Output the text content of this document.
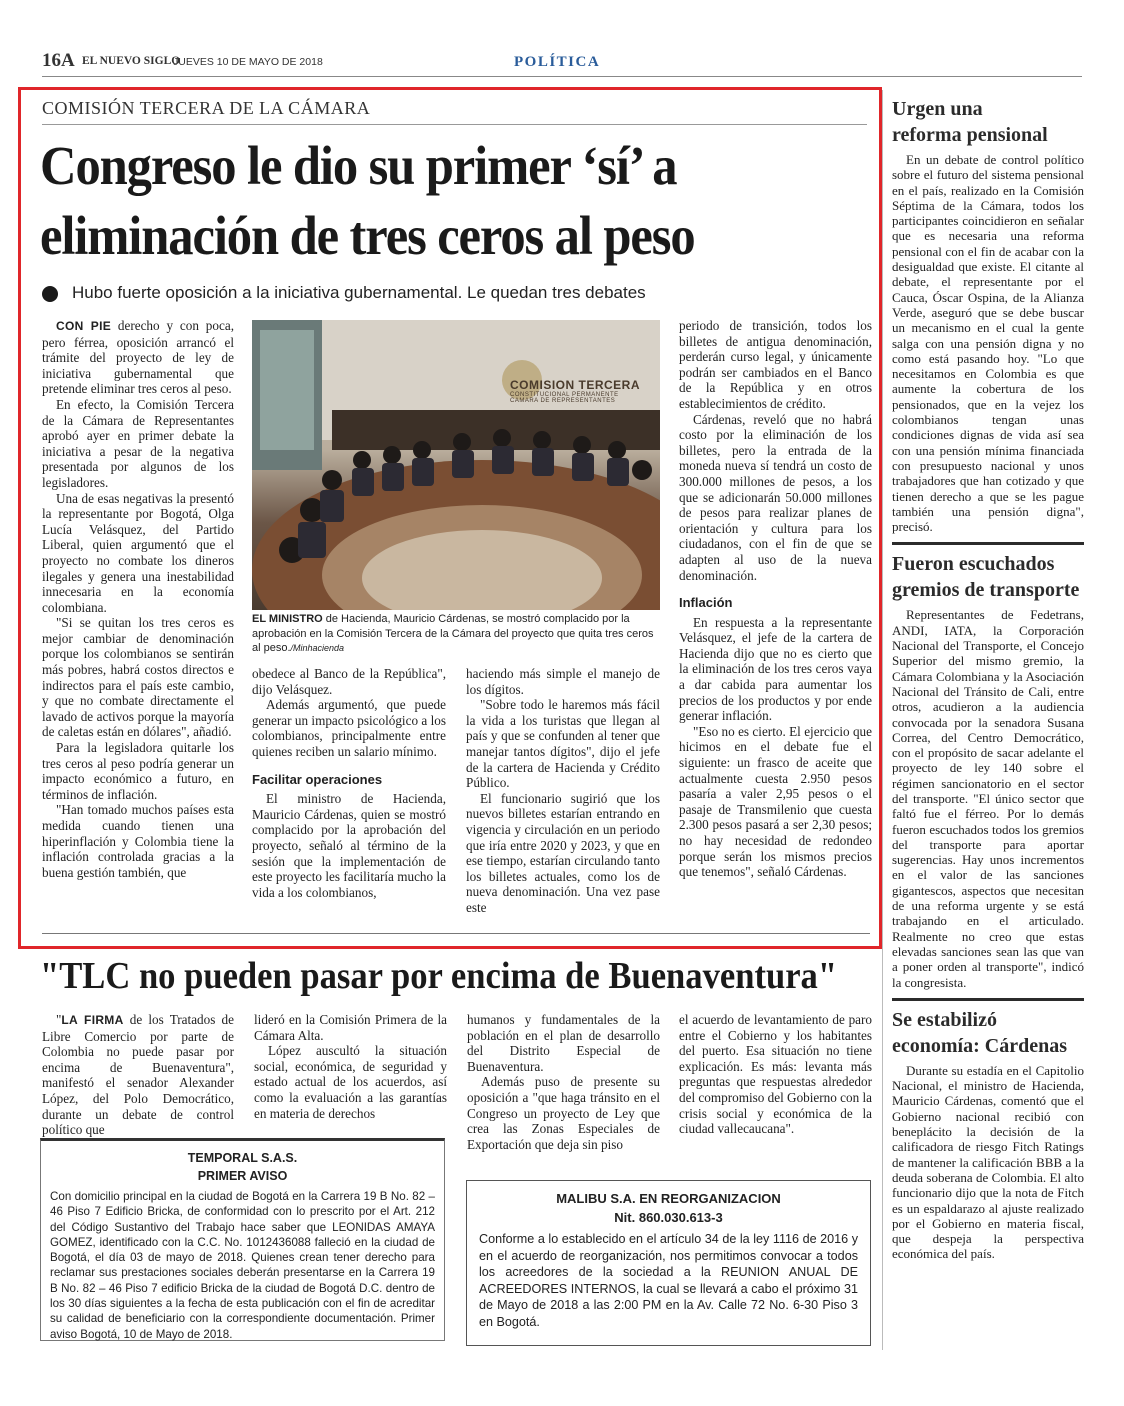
16A EL NUEVO SIGLO
JUEVES 10 DE MAYO DE 2018	POLÍTICA
COMISIÓN TERCERA DE LA CÁMARA
Congreso le dio su primer ‘sí’ a
eliminación de tres ceros al peso
Hubo fuerte oposición a la iniciativa gubernamental. Le quedan tres debates

CON PIE derecho y con poca, pero férrea, oposición arrancó el trámite del proyecto de ley de iniciativa gubernamental que pretende eliminar tres ceros al peso.

En efecto, la Comisión Tercera de la Cámara de Representantes aprobó ayer en primer debate la iniciativa a pesar de la negativa presentada por algunos de los legisladores.

Una de esas negativas la presentó la representante por Bogotá, Olga Lucía Velásquez, del Partido Liberal, quien argumentó que el proyecto no combate los dineros ilegales y genera una inestabilidad innecesaria en la economía colombiana.

"Si se quitan los tres ceros es mejor cambiar de denominación porque los colombianos se sentirán más pobres, habrá costos directos e indirectos para el país este cambio, y que no combate directamente el lavado de activos porque la mayoría de caletas están en dólares", añadió.

Para la legisladora quitarle los tres ceros al peso podría generar un impacto económico a futuro, en términos de inflación.

"Han tomado muchos países esta medida cuando tienen una hiperinflación y Colombia tiene la inflación controlada gracias a la buena gestión también, que

COMISION TERCERA
CONSTITUCIONAL PERMANENTE
CAMARA DE REPRESENTANTES
EL MINISTRO de Hacienda, Mauricio Cárdenas, se mostró complacido por la aprobación en la Comisión Tercera de la Cámara del proyecto que quita tres ceros al peso./Minhacienda

obedece al Banco de la República", dijo Velásquez.

Además argumentó, que puede generar un impacto psicológico a los colombianos, principalmente entre quienes reciben un salario mínimo.

Facilitar operaciones

El ministro de Hacienda, Mauricio Cárdenas, quien se mostró complacido por la aprobación del proyecto, señaló al término de la sesión que la implementación de este proyecto les facilitaría mucho la vida a los colombianos,

haciendo más simple el manejo de los dígitos.

"Sobre todo le haremos más fácil la vida a los turistas que llegan al país y que se confunden al tener que manejar tantos dígitos", dijo el jefe de la cartera de Hacienda y Crédito Público.

El funcionario sugirió que los nuevos billetes estarían entrando en vigencia y circulación en un periodo que iría entre 2020 y 2023, y que en ese tiempo, estarían circulando tanto los billetes actuales, como los de nueva denominación. Una vez pase este

periodo de transición, todos los billetes de antigua denominación, perderán curso legal, y únicamente podrán ser cambiados en el Banco de la República y en otros establecimientos de crédito.

Cárdenas, reveló que no habrá costo por la eliminación de los billetes, pero la entrada de la moneda nueva sí tendrá un costo de 300.000 millones de pesos, a los que se adicionarán 50.000 millones de pesos para realizar planes de orientación y cultura para los ciudadanos, con el fin de que se adapten al uso de la nueva denominación.

Inflación

En respuesta a la representante Velásquez, el jefe de la cartera de Hacienda dijo que no es cierto que la eliminación de los tres ceros vaya a dar cabida para aumentar los precios de los productos y por ende generar inflación.

"Eso no es cierto. El ejercicio que hicimos en el debate fue el siguiente: un frasco de aceite que actualmente cuesta 2.950 pesos pasaría a valer 2,95 pesos o el pasaje de Transmilenio que cuesta 2.300 pesos pasará a ser 2,30 pesos; no hay necesidad de redondeo porque serán los mismos precios que tenemos", señaló Cárdenas.

"TLC no pueden pasar por encima de Buenaventura"

"LA FIRMA de los Tratados de Libre Comercio por parte de Colombia no puede pasar por encima de Buenaventura", manifestó el senador Alexander López, del Polo Democrático, durante un debate de control político que

lideró en la Comisión Primera de la Cámara Alta.

López auscultó la situación social, económica, de seguridad y estado actual de los acuerdos, así como la evaluación a las garantías en materia de derechos

humanos y fundamentales de la población en el plan de desarrollo del Distrito Especial de Buenaventura.

Además puso de presente su oposición a "que haga tránsito en el Congreso un proyecto de Ley que crea las Zonas Especiales de Exportación que deja sin piso

el acuerdo de levantamiento de paro entre el Cobierno y los habitantes del puerto. Esa situación no tiene explicación. Es más: levanta más preguntas que respuestas alrededor del compromiso del Gobierno con la crisis social y económica de la ciudad vallecaucana".

TEMPORAL S.A.S.
PRIMER AVISO
Con domicilio principal en la ciudad de Bogotá en la Carrera 19 B No. 82 – 46 Piso 7 Edificio Bricka, de conformidad con lo prescrito por el Art. 212 del Código Sustantivo del Trabajo hace saber que LEONIDAS AMAYA GOMEZ, identificado con la C.C. No. 1012436088 falleció en la ciudad de Bogotá, el día 03 de mayo de 2018. Quienes crean tener derecho para reclamar sus prestaciones sociales deberán presentarse en la Carrera 19 B No. 82 – 46 Piso 7 edificio Bricka de la ciudad de Bogotá D.C. dentro de los 30 días siguientes a la fecha de esta publicación con el fin de acreditar su calidad de beneficiario con la correspondiente documentación. Primer aviso Bogotá, 10 de Mayo de 2018.
MALIBU S.A. EN REORGANIZACION
Nit. 860.030.613-3
Conforme a lo establecido en el artículo 34 de la ley 1116 de 2016 y en el acuerdo de reorganización, nos permitimos convocar a todos los acreedores de la sociedad a la REUNION ANUAL DE ACREEDORES INTERNOS, la cual se llevará a cabo el próximo 31 de Mayo de 2018 a las 2:00 PM en la Av. Calle 72 No. 6-30 Piso 3 en Bogotá.
Urgen una
reforma pensional

En un debate de control político sobre el futuro del sistema pensional en el país, realizado en la Comisión Séptima de la Cámara, todos los participantes coincidieron en señalar que es necesaria una reforma pensional con el fin de acabar con la desigualdad que existe. El citante al debate, el representante por el Cauca, Óscar Ospina, de la Alianza Verde, aseguró que se debe buscar un mecanismo en el cual la gente salga con una pensión digna y no como está pasando hoy. "Lo que necesitamos en Colombia es que aumente la cobertura de los pensionados, que en la vejez los colombianos tengan unas condiciones dignas de vida así sea con una pensión mínima financiada con presupuesto nacional y unos trabajadores que han cotizado y que tienen derecho a que se les pague también una pensión digna", precisó.

Fueron escuchados
gremios de transporte

Representantes de Fedetrans, ANDI, IATA, la Corporación Nacional del Transporte, el Concejo Superior del mismo gremio, la Cámara Colombiana y la Asociación Nacional del Tránsito de Cali, entre otros, acudieron a la audiencia convocada por la senadora Susana Correa, del Centro Democrático, con el propósito de sacar adelante el proyecto de ley 140 sobre el régimen sancionatorio en el sector del transporte. "El único sector que faltó fue el férreo. Por lo demás fueron escuchados todos los gremios del transporte para aportar sugerencias. Hay unos incrementos en el valor de las sanciones gigantescos, aspectos que necesitan de una reforma urgente y se está trabajando en el articulado. Realmente no creo que estas elevadas sanciones sean las que van a poner orden al transporte", indicó la congresista.

Se estabilizó
economía: Cárdenas

Durante su estadía en el Capitolio Nacional, el ministro de Hacienda, Mauricio Cárdenas, comentó que el Gobierno nacional recibió con beneplácito la decisión de la calificadora de riesgo Fitch Ratings de mantener la calificación BBB a la deuda soberana de Colombia. El alto funcionario dijo que la nota de Fitch es un espaldarazo al ajuste realizado por el Gobierno en materia fiscal, que despeja la perspectiva económica del país.
